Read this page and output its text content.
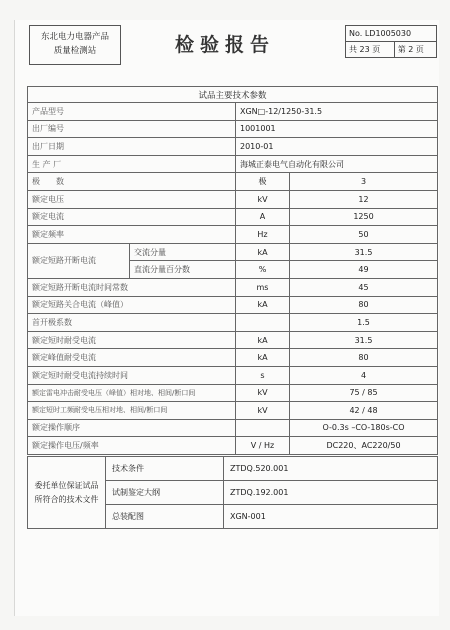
东北电力电器产品
质量检测站	检验报告
No. LD1005030
共 23 页	第 2 页
试品主要技术参数			
产品型号		XGN□-12/1250-31.5	
出厂编号		1001001	
出厂日期		2010-01	
生 产 厂		海城正泰电气自动化有限公司	
极　　数		极	3
额定电压		kV	12
额定电流		A	1250
额定频率		Hz	50
额定短路开断电流	交流分量	kA	31.5
	直流分量百分数	%	49
额定短路开断电流时间常数		ms	45
额定短路关合电流（峰值）		kA	80
首开极系数			1.5
额定短时耐受电流		kA	31.5
额定峰值耐受电流		kA	80
额定短时耐受电流持续时间		s	4
额定雷电冲击耐受电压（峰值）相对地、相间/断口间		kV	75 / 85
额定短时工频耐受电压相对地、相间/断口间		kV	42 / 48
额定操作顺序			O-0.3s –CO-180s-CO
额定操作电压/频率		V / Hz	DC220、AC220/50
委托单位保证试品
所符合的技术文件	技术条件	ZTDQ.520.001
	试制鉴定大纲	ZTDQ.192.001
	总装配图	XGN-001
